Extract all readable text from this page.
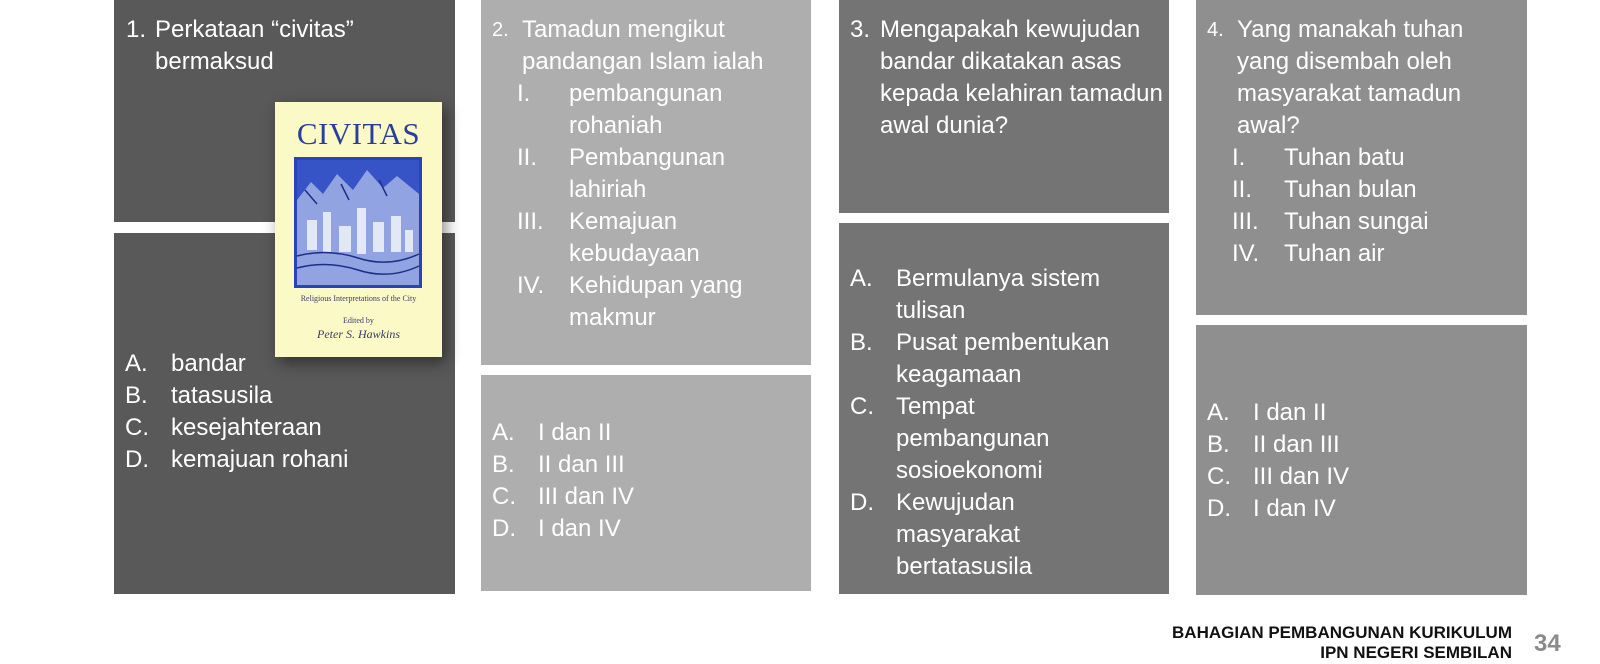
1. Perkataan “civitas” bermaksud
CIVITAS
Religious Interpretations of the City
Edited by
Peter S. Hawkins
A. bandar
B. tatasusila
C. kesejahteraan
D. kemajuan rohani
2. Tamadun mengikut pandangan Islam ialah
I.	pembangunan rohaniah
II.	Pembangunan lahiriah
III.	Kemajuan kebudayaan
IV.	Kehidupan yang makmur
A. I dan II
B. II dan III
C. III dan IV
D. I dan IV
3. Mengapakah kewujudan bandar dikatakan asas kepada kelahiran tamadun awal dunia?
A. Bermulanya sistem tulisan
B. Pusat pembentukan keagamaan
C. Tempat pembangunan sosioekonomi
D. Kewujudan masyarakat bertatasusila
4. Yang manakah tuhan yang disembah oleh masyarakat tamadun awal?
I.	Tuhan batu
II.	Tuhan bulan
III.	Tuhan sungai
IV.	Tuhan air
A. I dan II
B. II dan III
C. III dan IV
D. I dan IV
BAHAGIAN PEMBANGUNAN KURIKULUM
IPN NEGERI SEMBILAN 34
